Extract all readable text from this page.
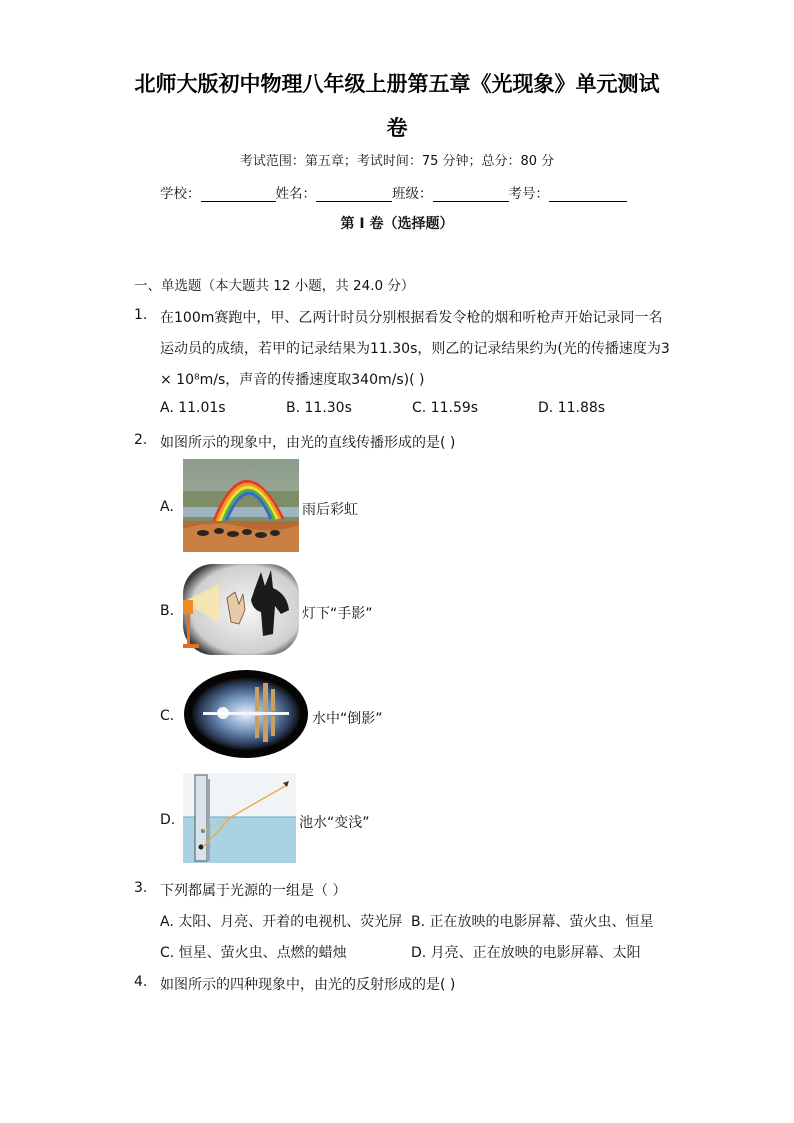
北师大版初中物理八年级上册第五章《光现象》单元测试
卷
考试范围：第五章；考试时间：75 分钟；总分：80 分
学校：	姓名：	班级：	考号：
第 I 卷（选择题）
一、单选题（本大题共 12 小题，共 24.0 分）
1. 在100m赛跑中，甲、乙两计时员分别根据看发令枪的烟和听枪声开始记录同一名
运动员的成绩，若甲的记录结果为11.30s，则乙的记录结果约为(光的传播速度为3
× 10⁸m/s，声音的传播速度取340m/s)( )
A. 11.01s	B. 11.30s	C. 11.59s	D. 11.88s
2. 如图所示的现象中，由光的直线传播形成的是( )
A.	雨后彩虹
B.	灯下“手影”
C.	水中“倒影”
D.	池水“变浅”
3. 下列都属于光源的一组是（ ）
A. 太阳、月亮、开着的电视机、荧光屏 B. 正在放映的电影屏幕、萤火虫、恒星
C. 恒星、萤火虫、点燃的蜡烛	D. 月亮、正在放映的电影屏幕、太阳
4. 如图所示的四种现象中，由光的反射形成的是( )
